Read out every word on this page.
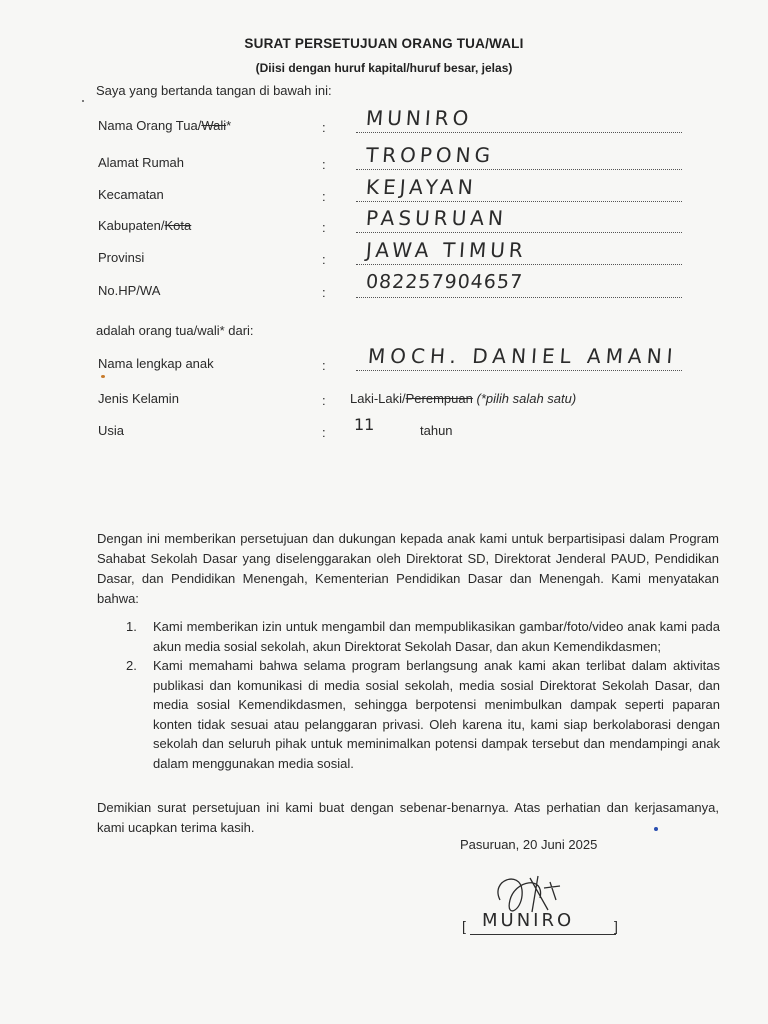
SURAT PERSETUJUAN ORANG TUA/WALI
(Diisi dengan huruf kapital/huruf besar, jelas)
Saya yang bertanda tangan di bawah ini:
Nama Orang Tua/Wali*	: MUNIRO
Alamat Rumah	: TROPONG
Kecamatan	: KEJAYAN
Kabupaten/Kota	: PASURUAN
Provinsi	: JAWA TIMUR
No.HP/WA	: 082257904657
adalah orang tua/wali* dari:
Nama lengkap anak	: MOCH. DANIEL AMANI
Jenis Kelamin	: Laki-Laki/Perempuan (*pilih salah satu)
Usia	: 11	tahun
Dengan ini memberikan persetujuan dan dukungan kepada anak kami untuk berpartisipasi dalam Program Sahabat Sekolah Dasar yang diselenggarakan oleh Direktorat SD, Direktorat Jenderal PAUD, Pendidikan Dasar, dan Pendidikan Menengah, Kementerian Pendidikan Dasar dan Menengah. Kami menyatakan bahwa:
1. Kami memberikan izin untuk mengambil dan mempublikasikan gambar/foto/video anak kami pada akun media sosial sekolah, akun Direktorat Sekolah Dasar, dan akun Kemendikdasmen;
2. Kami memahami bahwa selama program berlangsung anak kami akan terlibat dalam aktivitas publikasi dan komunikasi di media sosial sekolah, media sosial Direktorat Sekolah Dasar, dan media sosial Kemendikdasmen, sehingga berpotensi menimbulkan dampak seperti paparan konten tidak sesuai atau pelanggaran privasi. Oleh karena itu, kami siap berkolaborasi dengan sekolah dan seluruh pihak untuk meminimalkan potensi dampak tersebut dan mendampingi anak dalam menggunakan media sosial.
Demikian surat persetujuan ini kami buat dengan sebenar-benarnya. Atas perhatian dan kerjasamanya, kami ucapkan terima kasih.
Pasuruan, 20 Juni 2025
[ MUNIRO	]
